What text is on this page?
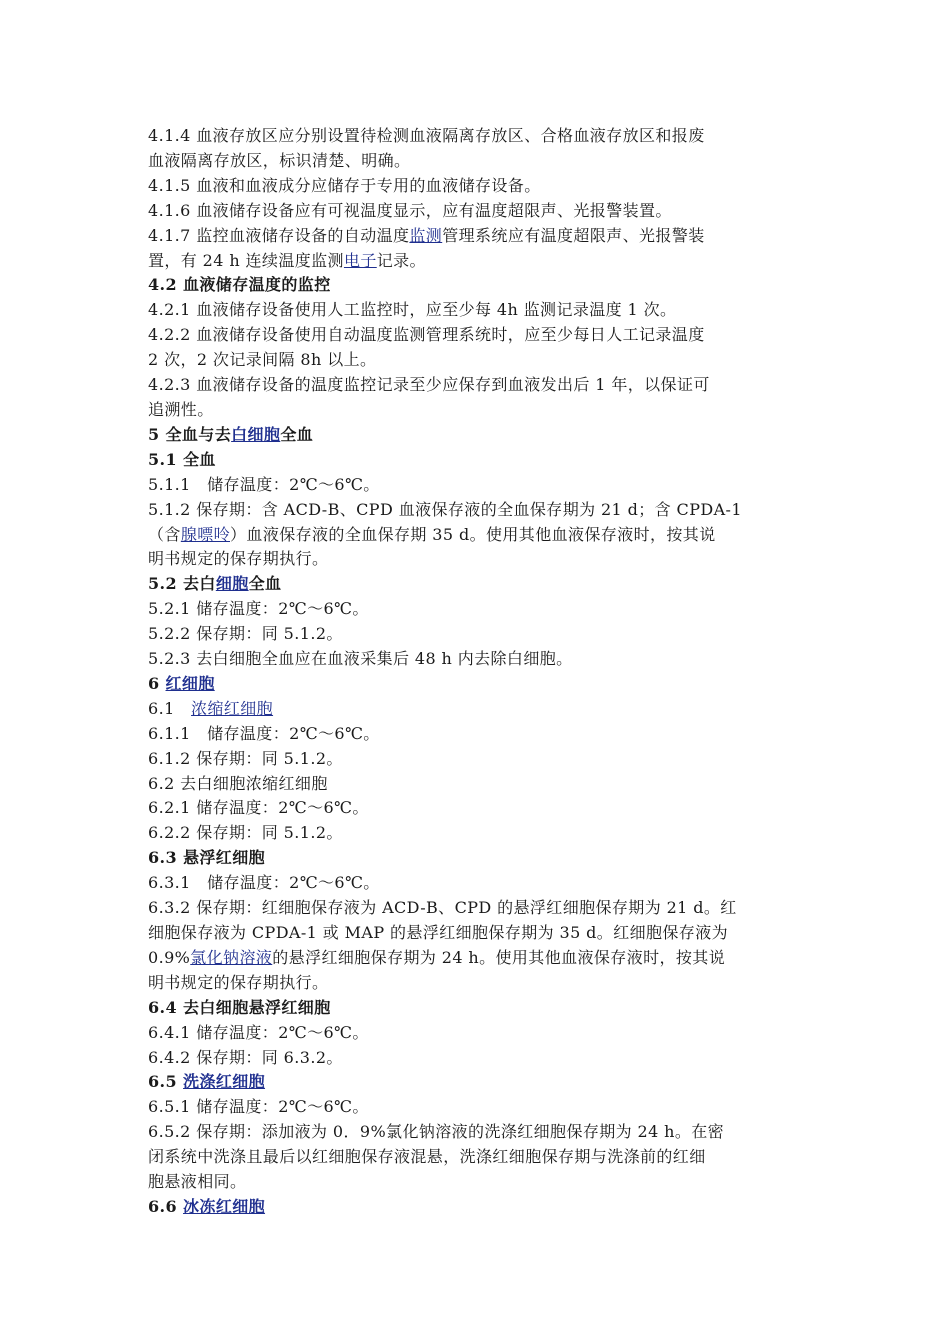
4.1.4 血液存放区应分别设置待检测血液隔离存放区、合格血液存放区和报废
血液隔离存放区，标识清楚、明确。
4.1.5 血液和血液成分应储存于专用的血液储存设备。
4.1.6 血液储存设备应有可视温度显示，应有温度超限声、光报警装置。
4.1.7 监控血液储存设备的自动温度监测管理系统应有温度超限声、光报警装
置，有 24 h 连续温度监测电子记录。
4.2 血液储存温度的监控
4.2.1 血液储存设备使用人工监控时，应至少每 4h 监测记录温度 1 次。
4.2.2 血液储存设备使用自动温度监测管理系统时，应至少每日人工记录温度
2 次，2 次记录间隔 8h 以上。
4.2.3 血液储存设备的温度监控记录至少应保存到血液发出后 1 年，以保证可
追溯性。
5 全血与去白细胞全血
5.1 全血
5.1.1　储存温度：2℃～6℃。
5.1.2 保存期：含 ACD-B、CPD 血液保存液的全血保存期为 21 d；含 CPDA-1
（含腺嘌呤）血液保存液的全血保存期 35 d。使用其他血液保存液时，按其说
明书规定的保存期执行。
5.2 去白细胞全血
5.2.1 储存温度：2℃～6℃。
5.2.2 保存期：同 5.1.2。
5.2.3 去白细胞全血应在血液采集后 48 h 内去除白细胞。
6 红细胞
6.1　浓缩红细胞
6.1.1　储存温度：2℃～6℃。
6.1.2 保存期：同 5.1.2。
6.2 去白细胞浓缩红细胞
6.2.1 储存温度：2℃～6℃。
6.2.2 保存期：同 5.1.2。
6.3 悬浮红细胞
6.3.1　储存温度：2℃～6℃。
6.3.2 保存期：红细胞保存液为 ACD-B、CPD 的悬浮红细胞保存期为 21 d。红
细胞保存液为 CPDA-1 或 MAP 的悬浮红细胞保存期为 35 d。红细胞保存液为
0.9%氯化钠溶液的悬浮红细胞保存期为 24 h。使用其他血液保存液时，按其说
明书规定的保存期执行。
6.4 去白细胞悬浮红细胞
6.4.1 储存温度：2℃～6℃。
6.4.2 保存期：同 6.3.2。
6.5 洗涤红细胞
6.5.1 储存温度：2℃～6℃。
6.5.2 保存期：添加液为 0．9%氯化钠溶液的洗涤红细胞保存期为 24 h。在密
闭系统中洗涤且最后以红细胞保存液混悬，洗涤红细胞保存期与洗涤前的红细
胞悬液相同。
6.6 冰冻红细胞
